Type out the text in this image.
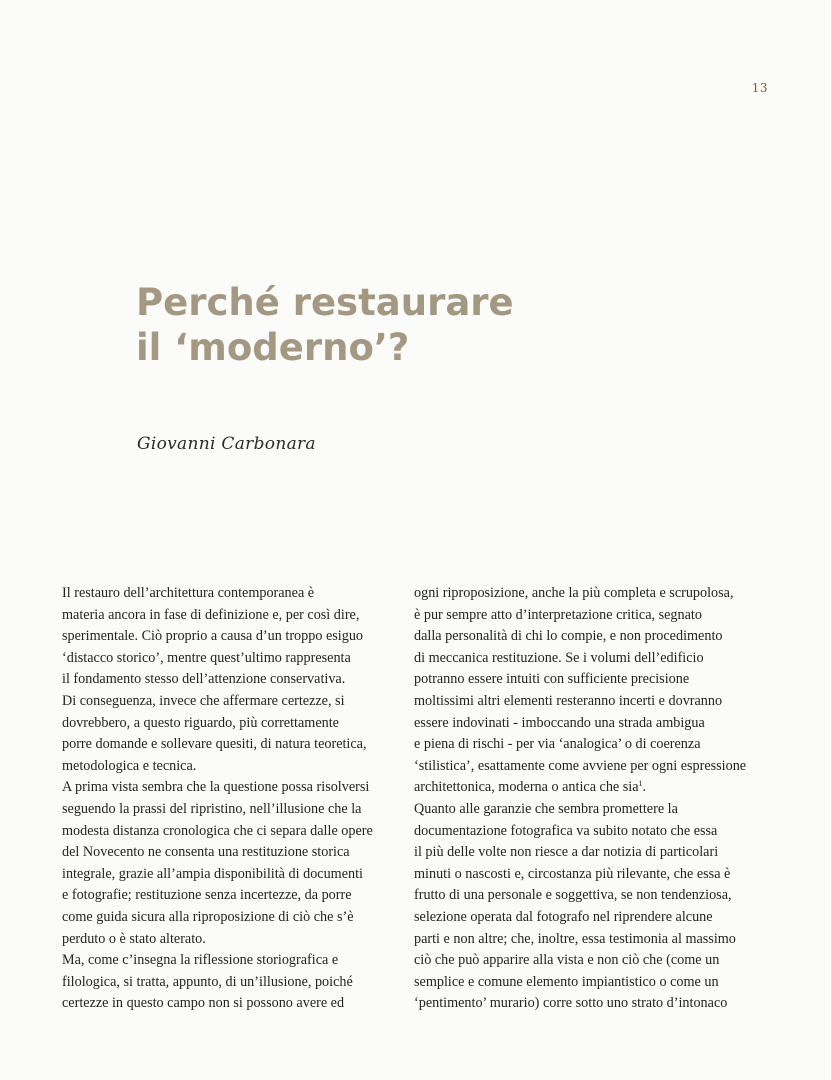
13
Perché restaurare
il ‘moderno’?
Giovanni Carbonara
Il restauro dell’architettura contemporanea è
materia ancora in fase di definizione e, per così dire,
sperimentale. Ciò proprio a causa d’un troppo esiguo
‘distacco storico’, mentre quest’ultimo rappresenta
il fondamento stesso dell’attenzione conservativa.
Di conseguenza, invece che affermare certezze, si
dovrebbero, a questo riguardo, più correttamente
porre domande e sollevare quesiti, di natura teoretica,
metodologica e tecnica.
A prima vista sembra che la questione possa risolversi
seguendo la prassi del ripristino, nell’illusione che la
modesta distanza cronologica che ci separa dalle opere
del Novecento ne consenta una restituzione storica
integrale, grazie all’ampia disponibilità di documenti
e fotografie; restituzione senza incertezze, da porre
come guida sicura alla riproposizione di ciò che s’è
perduto o è stato alterato.
Ma, come c’insegna la riflessione storiografica e
filologica, si tratta, appunto, di un’illusione, poiché
certezze in questo campo non si possono avere ed
ogni riproposizione, anche la più completa e scrupolosa,
è pur sempre atto d’interpretazione critica, segnato
dalla personalità di chi lo compie, e non procedimento
di meccanica restituzione. Se i volumi dell’edificio
potranno essere intuiti con sufficiente precisione
moltissimi altri elementi resteranno incerti e dovranno
essere indovinati - imboccando una strada ambigua
e piena di rischi - per via ‘analogica’ o di coerenza
‘stilistica’, esattamente come avviene per ogni espressione
architettonica, moderna o antica che sia$^1$.
Quanto alle garanzie che sembra promettere la
documentazione fotografica va subito notato che essa
il più delle volte non riesce a dar notizia di particolari
minuti o nascosti e, circostanza più rilevante, che essa è
frutto di una personale e soggettiva, se non tendenziosa,
selezione operata dal fotografo nel riprendere alcune
parti e non altre; che, inoltre, essa testimonia al massimo
ciò che può apparire alla vista e non ciò che (come un
semplice e comune elemento impiantistico o come un
‘pentimento’ murario) corre sotto uno strato d’intonaco
